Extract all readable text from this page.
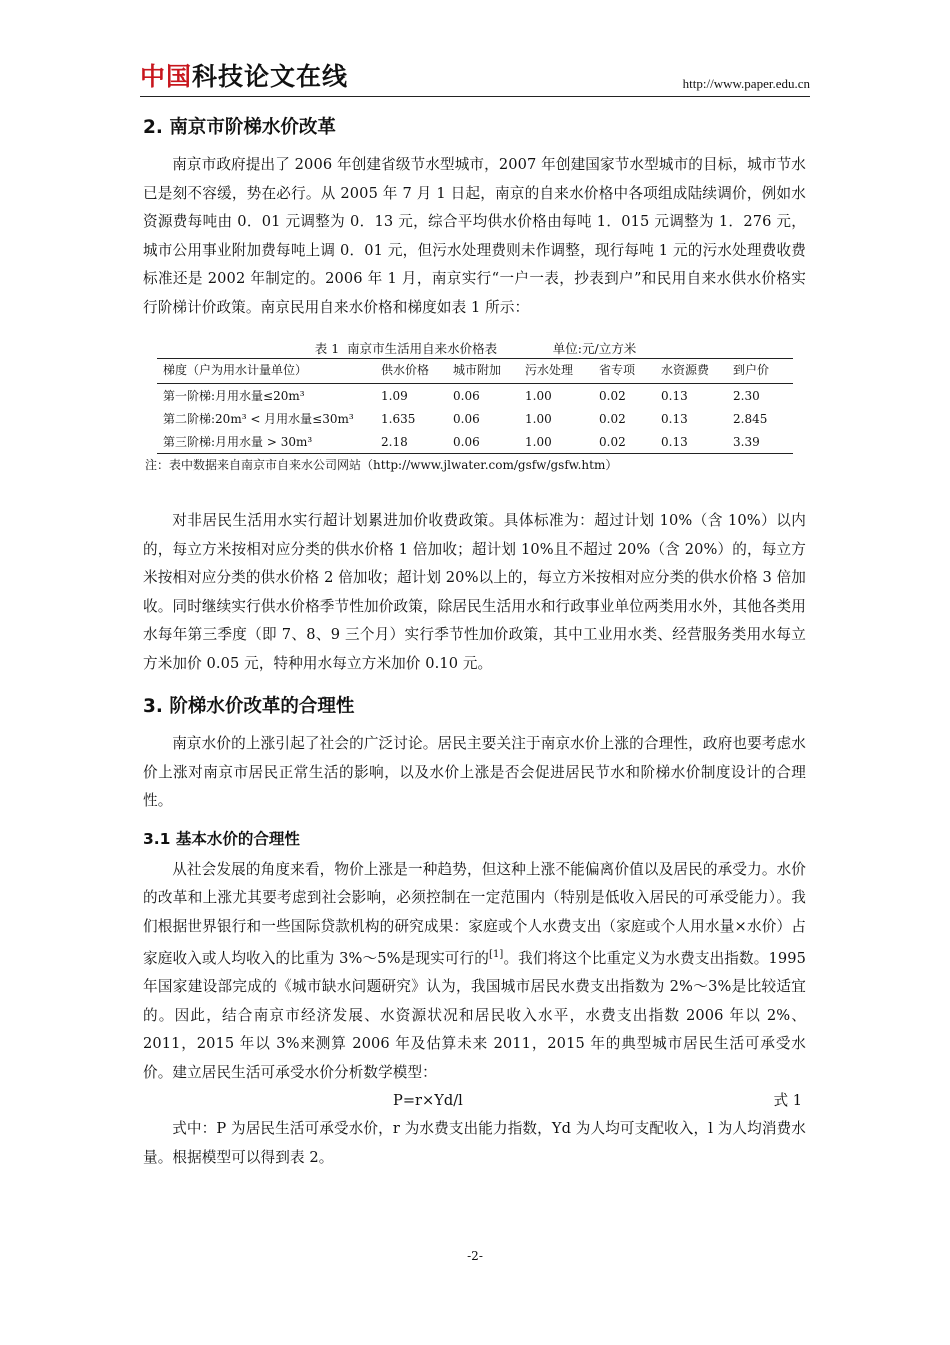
中国科技论文在线	http://www.paper.edu.cn
2. 南京市阶梯水价改革

南京市政府提出了 2006 年创建省级节水型城市，2007 年创建国家节水型城市的目标，城市节水已是刻不容缓，势在必行。从 2005 年 7 月 1 日起，南京的自来水价格中各项组成陆续调价，例如水资源费每吨由 0．01 元调整为 0．13 元，综合平均供水价格由每吨 1．015 元调整为 1．276 元，城市公用事业附加费每吨上调 0．01 元，但污水处理费则未作调整，现行每吨 1 元的污水处理费收费标准还是 2002 年制定的。2006 年 1 月，南京实行“一户一表，抄表到户”和民用自来水供水价格实行阶梯计价政策。南京民用自来水价格和梯度如表 1 所示：

表 1  南京市生活用自来水价格表              单位:元/立方米
梯度（户为用水计量单位）	供水价格	城市附加	污水处理	省专项	水资源费	到户价
第一阶梯:月用水量≤20m³	1.09	0.06	1.00	0.02	0.13	2.30
第二阶梯:20m³ < 月用水量≤30m³	1.635	0.06	1.00	0.02	0.13	2.845
第三阶梯:月用水量 > 30m³	2.18	0.06	1.00	0.02	0.13	3.39
注：表中数据来自南京市自来水公司网站（http://www.jlwater.com/gsfw/gsfw.htm）

对非居民生活用水实行超计划累进加价收费政策。具体标准为：超过计划 10%（含 10%）以内的，每立方米按相对应分类的供水价格 1 倍加收；超计划 10%且不超过 20%（含 20%）的，每立方米按相对应分类的供水价格 2 倍加收；超计划 20%以上的，每立方米按相对应分类的供水价格 3 倍加收。同时继续实行供水价格季节性加价政策，除居民生活用水和行政事业单位两类用水外，其他各类用水每年第三季度（即 7、8、9 三个月）实行季节性加价政策，其中工业用水类、经营服务类用水每立方米加价 0.05 元，特种用水每立方米加价 0.10 元。

3. 阶梯水价改革的合理性

南京水价的上涨引起了社会的广泛讨论。居民主要关注于南京水价上涨的合理性，政府也要考虑水价上涨对南京市居民正常生活的影响，以及水价上涨是否会促进居民节水和阶梯水价制度设计的合理性。

3.1 基本水价的合理性

从社会发展的角度来看，物价上涨是一种趋势，但这种上涨不能偏离价值以及居民的承受力。水价的改革和上涨尤其要考虑到社会影响，必须控制在一定范围内（特别是低收入居民的可承受能力）。我们根据世界银行和一些国际贷款机构的研究成果：家庭或个人水费支出（家庭或个人用水量×水价）占家庭收入或人均收入的比重为 3%～5%是现实可行的[1]。我们将这个比重定义为水费支出指数。1995 年国家建设部完成的《城市缺水问题研究》认为，我国城市居民水费支出指数为 2%～3%是比较适宜的。因此，结合南京市经济发展、水资源状况和居民收入水平，水费支出指数 2006 年以 2%、2011，2015 年以 3%来测算 2006 年及估算未来 2011，2015 年的典型城市居民生活可承受水价。建立居民生活可承受水价分析数学模型：

P=r×Yd/l	式 1

式中：P 为居民生活可承受水价，r 为水费支出能力指数，Yd 为人均可支配收入，l 为人均消费水量。根据模型可以得到表 2。

-2-
